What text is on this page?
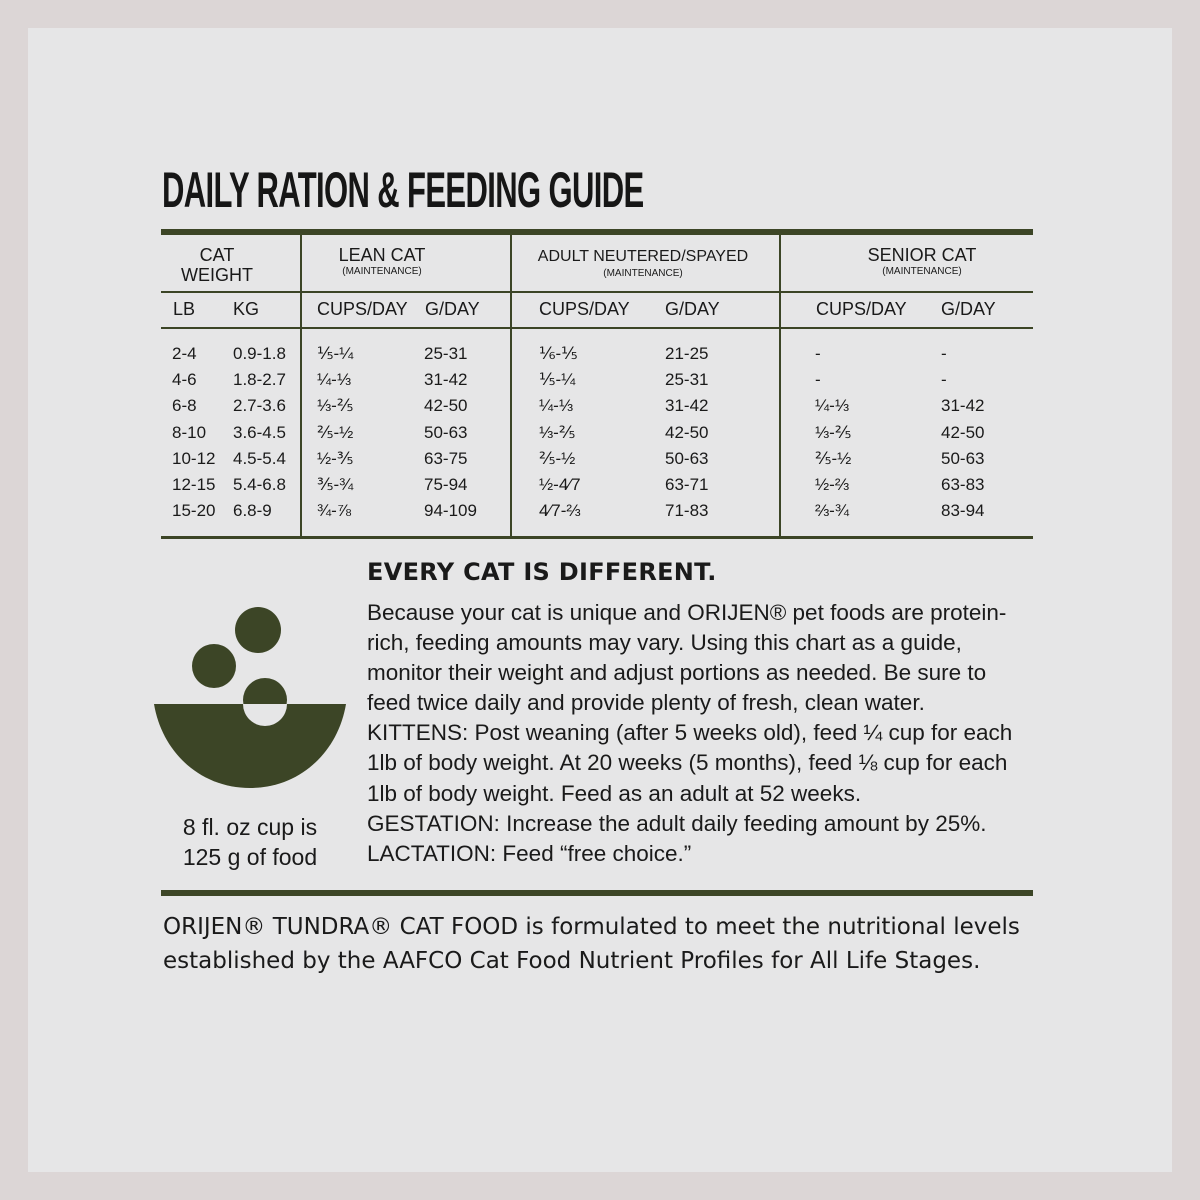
DAILY RATION & FEEDING GUIDE
CAT
WEIGHT
LEAN CAT
(MAINTENANCE)
ADULT NEUTERED/SPAYED
(MAINTENANCE)
SENIOR CAT
(MAINTENANCE)
LB KG	CUPS/DAY G/DAY	CUPS/DAY G/DAY	CUPS/DAY G/DAY
2-4 0.9-1.8 ⅕-¼	25-31	⅙-⅕	21-25	-	-
4-6 1.8-2.7 ¼-⅓	31-42	⅕-¼	25-31	-	-
6-8 2.7-3.6 ⅓-⅖	42-50	¼-⅓	31-42	¼-⅓	31-42
8-10 3.6-4.5 ⅖-½	50-63	⅓-⅖	42-50	⅓-⅖	42-50
10-12 4.5-5.4 ½-⅗	63-75	⅖-½	50-63	⅖-½	50-63
12-15 5.4-6.8 ⅗-¾	75-94	½-4⁄7	63-71	½-⅔	63-83
15-20 6.8-9	¾-⅞	94-109	4⁄7-⅔	71-83	⅔-¾	83-94
8 fl. oz cup is
125 g of food
EVERY CAT IS DIFFERENT.
Because your cat is unique and ORIJEN® pet foods are protein-
rich, feeding amounts may vary. Using this chart as a guide,
monitor their weight and adjust portions as needed. Be sure to
feed twice daily and provide plenty of fresh, clean water.
KITTENS: Post weaning (after 5 weeks old), feed ¼ cup for each
1lb of body weight. At 20 weeks (5 months), feed ⅛ cup for each
1lb of body weight. Feed as an adult at 52 weeks.
GESTATION: Increase the adult daily feeding amount by 25%.
LACTATION: Feed “free choice.”
ORIJEN® TUNDRA® CAT FOOD is formulated to meet the nutritional levels
established by the AAFCO Cat Food Nutrient Profiles for All Life Stages.
